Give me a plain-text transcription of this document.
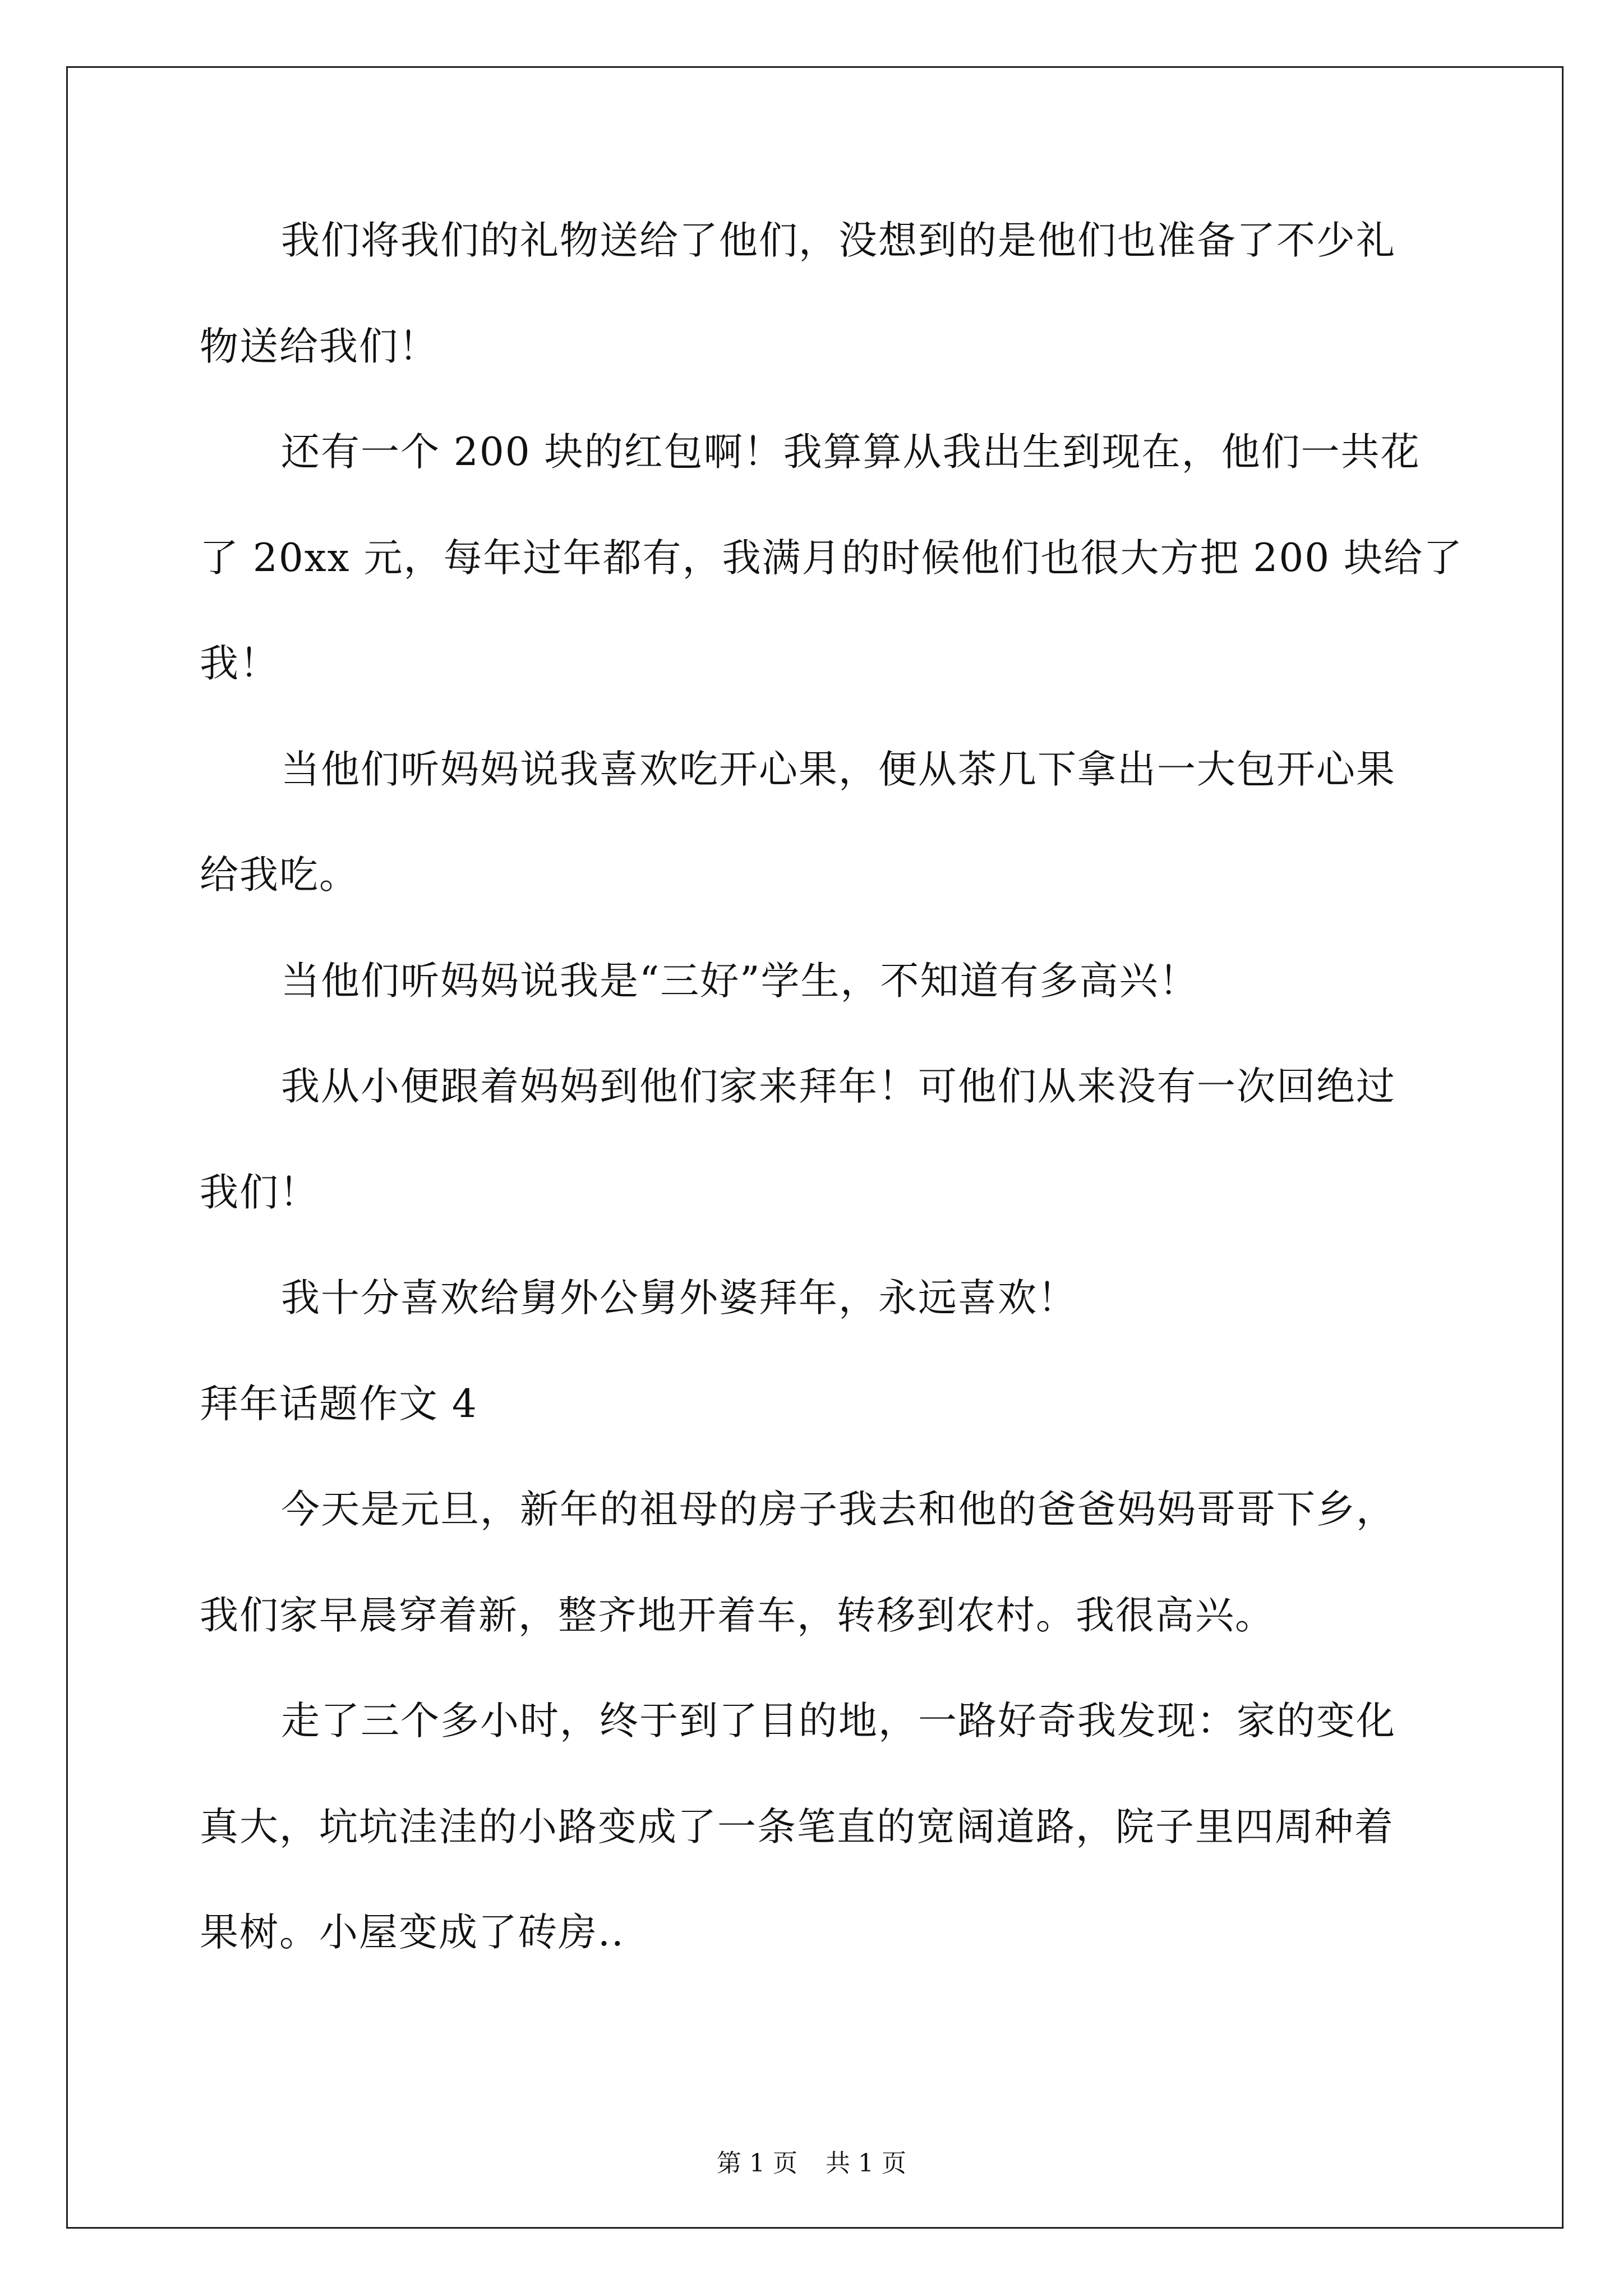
我们将我们的礼物送给了他们，没想到的是他们也准备了不少礼
物送给我们！
还有一个 200 块的红包啊！我算算从我出生到现在，他们一共花
了 20xx 元，每年过年都有，我满月的时候他们也很大方把 200 块给了
我！
当他们听妈妈说我喜欢吃开心果，便从茶几下拿出一大包开心果
给我吃。
当他们听妈妈说我是“三好”学生，不知道有多高兴！
我从小便跟着妈妈到他们家来拜年！可他们从来没有一次回绝过
我们！
我十分喜欢给舅外公舅外婆拜年，永远喜欢！
拜年话题作文 4
今天是元旦，新年的祖母的房子我去和他的爸爸妈妈哥哥下乡，
我们家早晨穿着新，整齐地开着车，转移到农村。我很高兴。
走了三个多小时，终于到了目的地，一路好奇我发现：家的变化
真大，坑坑洼洼的小路变成了一条笔直的宽阔道路，院子里四周种着
果树。小屋变成了砖房..
第 1 页 共 1 页
